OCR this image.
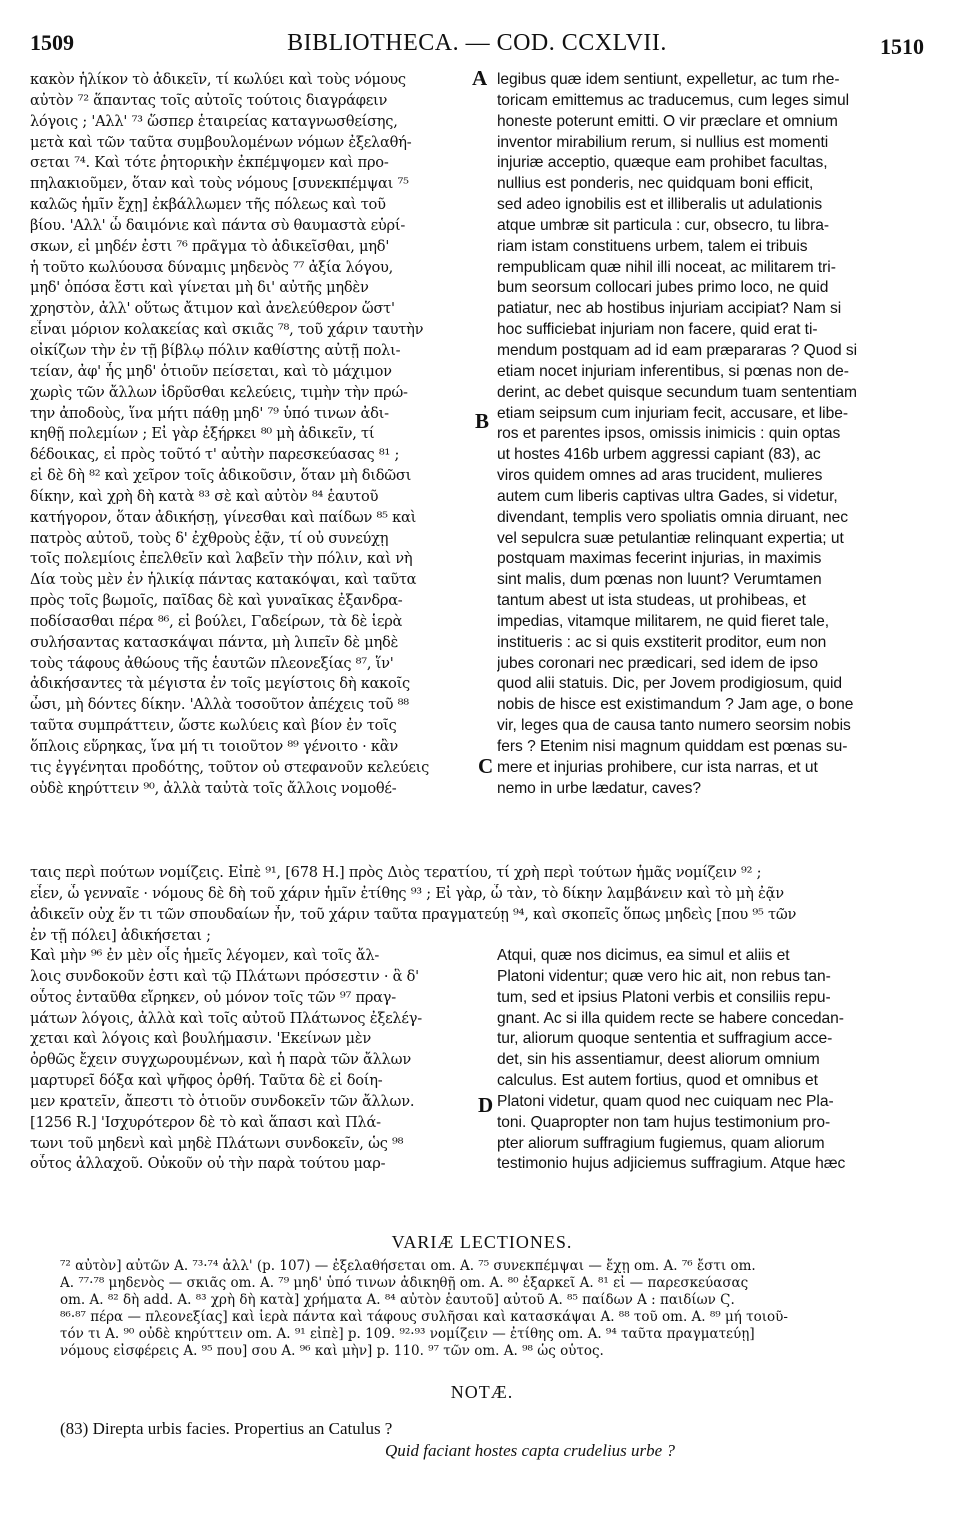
1509	BIBLIOTHECA. — COD. CCXLVII.	1510
κακὸν ἡλίκον τὸ ἀδικεῖν, τί κωλύει καὶ τοὺς νόμους
αὐτὸν ⁷² ἅπαντας τοῖς αὐτοῖς τούτοις διαγράφειν
λόγοις ; 'Αλλ' ⁷³ ὥσπερ ἑταιρείας καταγνωσθείσης,
μετὰ καὶ τῶν ταῦτα συμβουλομένων νόμων ἐξελαθή-
σεται ⁷⁴. Καὶ τότε ῥητορικὴν ἐκπέμψομεν καὶ προ-
πηλακιοῦμεν, ὅταν καὶ τοὺς νόμους [συνεκπέμψαι ⁷⁵
καλῶς ἡμῖν ἔχῃ] ἐκβάλλωμεν τῆς πόλεως καὶ τοῦ
βίου. 'Αλλ' ὦ δαιμόνιε καὶ πάντα σὺ θαυμαστὰ εὑρί-
σκων, εἰ μηδέν ἐστι ⁷⁶ πρᾶγμα τὸ ἀδικεῖσθαι, μηδ'
ἡ τοῦτο κωλύουσα δύναμις μηδενὸς ⁷⁷ ἀξία λόγου,
μηδ' ὁπόσα ἔστι καὶ γίνεται μὴ δι' αὐτῆς μηδὲν
χρηστὸν, ἀλλ' οὕτως ἄτιμον καὶ ἀνελεύθερον ὥστ'
εἶναι μόριον κολακείας καὶ σκιᾶς ⁷⁸, τοῦ χάριν ταυτὴν
οἰκίζων τὴν ἐν τῇ βίβλῳ πόλιν καθίστης αὐτῇ πολι-
τείαν, ἀφ' ἧς μηδ' ὁτιοῦν πείσεται, καὶ τὸ μάχιμον
χωρὶς τῶν ἄλλων ἱδρῦσθαι κελεύεις, τιμὴν τὴν πρώ-
την ἀποδοὺς, ἵνα μήτι πάθῃ μηδ' ⁷⁹ ὑπό τινων ἀδι-
κηθῇ πολεμίων ; Εἰ γὰρ ἐξήρκει ⁸⁰ μὴ ἀδικεῖν, τί
δέδοικας, εἰ πρὸς τοῦτό τ' αὐτὴν παρεσκεύασας ⁸¹ ;
εἰ δὲ δὴ ⁸² καὶ χεῖρον τοῖς ἀδικοῦσιν, ὅταν μὴ διδῶσι
δίκην, καὶ χρὴ δὴ κατὰ ⁸³ σὲ καὶ αὐτὸν ⁸⁴ ἑαυτοῦ
κατήγορον, ὅταν ἀδικήσῃ, γίνεσθαι καὶ παίδων ⁸⁵ καὶ
πατρὸς αὐτοῦ, τοὺς δ' ἐχθροὺς ἐᾷν, τί οὐ συνεύχῃ
τοῖς πολεμίοις ἐπελθεῖν καὶ λαβεῖν τὴν πόλιν, καὶ νὴ
Δία τοὺς μὲν ἐν ἡλικίᾳ πάντας κατακόψαι, καὶ ταῦτα
πρὸς τοῖς βωμοῖς, παῖδας δὲ καὶ γυναῖκας ἐξανδρα-
ποδίσασθαι πέρα ⁸⁶, εἰ βούλει, Γαδείρων, τὰ δὲ ἱερὰ
συλήσαντας κατασκάψαι πάντα, μὴ λιπεῖν δὲ μηδὲ
τοὺς τάφους ἀθώους τῆς ἑαυτῶν πλεονεξίας ⁸⁷, ἵν'
ἀδικήσαντες τὰ μέγιστα ἐν τοῖς μεγίστοις δὴ κακοῖς
ὦσι, μὴ δόντες δίκην. 'Αλλὰ τοσοῦτον ἀπέχεις τοῦ ⁸⁸
ταῦτα συμπράττειν, ὥστε κωλύεις καὶ βίον ἐν τοῖς
ὅπλοις εὕρηκας, ἵνα μή τι τοιοῦτον ⁸⁹ γένοιτο · κἂν
τις ἐγγένηται προδότης, τοῦτον οὐ στεφανοῦν κελεύεις
οὐδὲ κηρύττειν ⁹⁰, ἀλλὰ ταὐτὰ τοῖς ἄλλοις νομοθέ-
legibus quæ idem sentiunt, expelletur, ac tum rhe-
toricam emittemus ac traducemus, cum leges simul
honeste poterunt emitti. O vir præclare et omnium
inventor mirabilium rerum, si nullius est momenti
injuriæ acceptio, quæque eam prohibet facultas,
nullius est ponderis, nec quidquam boni efficit,
sed adeo ignobilis est et illiberalis ut adulationis
atque umbræ sit particula : cur, obsecro, tu libra-
riam istam constituens urbem, talem ei tribuis
rempublicam quæ nihil illi noceat, ac militarem tri-
bum seorsum collocari jubes primo loco, ne quid
patiatur, nec ab hostibus injuriam accipiat? Nam si
hoc sufficiebat injuriam non facere, quid erat ti-
mendum postquam ad id eam præpararas ? Quod si
etiam nocet injuriam inferentibus, si pœnas non de-
derint, ac debet quisque secundum tuam sententiam
etiam seipsum cum injuriam fecit, accusare, et libe-
ros et parentes ipsos, omissis inimicis : quin optas
ut hostes 416b urbem aggressi capiant (83), ac
viros quidem omnes ad aras trucident, mulieres
autem cum liberis captivas ultra Gades, si videtur,
divendant, templis vero spoliatis omnia diruant, nec
vel sepulcra suæ petulantiæ relinquant expertia; ut
postquam maximas fecerint injurias, in maximis
sint malis, dum pœnas non luunt? Verumtamen
tantum abest ut ista studeas, ut prohibeas, et
impedias, vitamque militarem, ne quid fieret tale,
institueris : ac si quis exstiterit proditor, eum non
jubes coronari nec prædicari, sed idem de ipso
quod alii statuis. Dic, per Jovem prodigiosum, quid
nobis de hisce est existimandum ? Jam age, o bone
vir, leges qua de causa tanto numero seorsim nobis
fers ? Etenim nisi magnum quiddam est pœnas su-
mere et injurias prohibere, cur ista narras, et ut
nemo in urbe lædatur, caves?
A
B
C
D
ταις περὶ πούτων νομίζεις. Εἰπὲ ⁹¹, [678 H.] πρὸς Διὸς τερατίου, τί χρὴ περὶ τούτων ἡμᾶς νομίζειν ⁹² ;
εἶεν, ὦ γενναῖε · νόμους δὲ δὴ τοῦ χάριν ἡμῖν ἐτίθης ⁹³ ; Εἰ γὰρ, ὦ τὰν, τὸ δίκην λαμβάνειν καὶ τὸ μὴ ἐᾷν
ἀδικεῖν οὐχ ἕν τι τῶν σπουδαίων ἦν, τοῦ χάριν ταῦτα πραγματεύῃ ⁹⁴, καὶ σκοπεῖς ὅπως μηδεὶς [που ⁹⁵ τῶν
ἐν τῇ πόλει] ἀδικήσεται ;
Καὶ μὴν ⁹⁶ ἐν μὲν οἷς ἡμεῖς λέγομεν, καὶ τοῖς ἄλ-
λοις συνδοκοῦν ἐστι καὶ τῷ Πλάτωνι πρόσεστιν · ἃ δ'
οὗτος ἐνταῦθα εἴρηκεν, οὐ μόνον τοῖς τῶν ⁹⁷ πραγ-
μάτων λόγοις, ἀλλὰ καὶ τοῖς αὐτοῦ Πλάτωνος ἐξελέγ-
χεται καὶ λόγοις καὶ βουλήμασιν. 'Εκείνων μὲν
ὀρθῶς ἔχειν συγχωρουμένων, καὶ ἡ παρὰ τῶν ἄλλων
μαρτυρεῖ δόξα καὶ ψῆφος ὀρθή. Ταῦτα δὲ εἰ δοίη-
μεν κρατεῖν, ἄπεστι τὸ ὁτιοῦν συνδοκεῖν τῶν ἄλλων.
[1256 R.] 'Ισχυρότερον δὲ τὸ καὶ ἅπασι καὶ Πλά-
τωνι τοῦ μηδενὶ καὶ μηδὲ Πλάτωνι συνδοκεῖν, ὡς ⁹⁸
οὗτος ἀλλαχοῦ. Οὐκοῦν οὐ τὴν παρὰ τούτου μαρ-
Atqui, quæ nos dicimus, ea simul et aliis et
Platoni videntur; quæ vero hic ait, non rebus tan-
tum, sed et ipsius Platoni verbis et consiliis repu-
gnant. Ac si illa quidem recte se habere concedan-
tur, aliorum quoque sententia et suffragium acce-
det, sin his assentiamur, deest aliorum omnium
calculus. Est autem fortius, quod et omnibus et
Platoni videtur, quam quod nec cuiquam nec Pla-
toni. Quapropter non tam hujus testimonium pro-
pter aliorum suffragium fugiemus, quam aliorum
testimonio hujus adjiciemus suffragium. Atque hæc
VARIÆ LECTIONES.
⁷² αὐτὸν] αὐτῶν A. ⁷³·⁷⁴ ἀλλ' (p. 107) — ἐξελαθήσεται om. A. ⁷⁵ συνεκπέμψαι — ἔχῃ om. A. ⁷⁶ ἔστι om.
A. ⁷⁷·⁷⁸ μηδενὸς — σκιᾶς om. A. ⁷⁹ μηδ' ὑπό τινων ἀδικηθῇ om. A. ⁸⁰ ἐξαρκεῖ A. ⁸¹ εἰ — παρεσκεύασας
om. A. ⁸² δὴ add. A. ⁸³ χρὴ δὴ κατὰ] χρήματα A. ⁸⁴ αὐτὸν ἑαυτοῦ] αὐτοῦ A. ⁸⁵ παίδων A : παιδίων Ϛ.
⁸⁶·⁸⁷ πέρα — πλεονεξίας] καὶ ἱερὰ πάντα καὶ τάφους συλῆσαι καὶ κατασκάψαι A. ⁸⁸ τοῦ om. A. ⁸⁹ μή τοιοῦ-
τόν τι A. ⁹⁰ οὐδὲ κηρύττειν om. A. ⁹¹ εἰπὲ] p. 109. ⁹²·⁹³ νομίζειν — ἐτίθης om. A. ⁹⁴ ταῦτα πραγματεύῃ]
νόμους εἰσφέρεις A. ⁹⁵ που] σου A. ⁹⁶ καὶ μὴν] p. 110. ⁹⁷ τῶν om. A. ⁹⁸ ὡς οὗτος.
NOTÆ.
(83) Direpta urbis facies. Propertius an Catulus ?
Quid faciant hostes capta crudelius urbe ?
